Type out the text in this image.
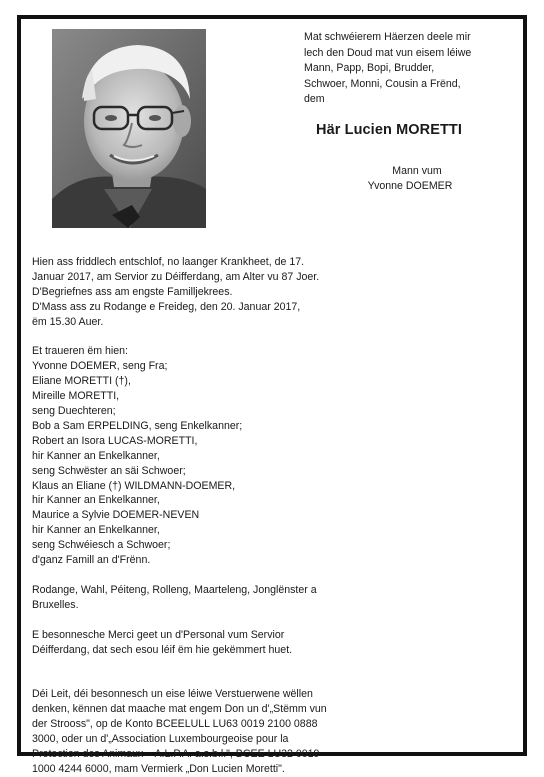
Mat schwéierem Häerzen deele mir
lech den Doud mat vun eisem léiwe
Mann, Papp, Bopi, Brudder,
Schwoer, Monni, Cousin a Frënd,
dem
Här Lucien MORETTI
Mann vum
Yvonne DOEMER

Hien ass friddlech entschlof, no laanger Krankheet, de 17.
Januar 2017, am Servior zu Déifferdang, am Alter vu 87 Joer.
D'Begriefnes ass am engste Familljekrees.
D'Mass ass zu Rodange e Freideg, den 20. Januar 2017,
ëm 15.30 Auer.

Et traueren ëm hien:
Yvonne DOEMER, seng Fra;
Eliane MORETTI (†),
Mireille MORETTI,
seng Duechteren;
Bob a Sam ERPELDING, seng Enkelkanner;
Robert an Isora LUCAS-MORETTI,
hir Kanner an Enkelkanner,
seng Schwëster an säi Schwoer;
Klaus an Eliane (†) WILDMANN-DOEMER,
hir Kanner an Enkelkanner,
Maurice a Sylvie DOEMER-NEVEN
hir Kanner an Enkelkanner,
seng Schwéiesch a Schwoer;
d'ganz Famill an d'Frënn.

Rodange, Wahl, Péiteng, Rolleng, Maarteleng, Jonglënster a
Bruxelles.

E besonnesche Merci geet un d'Personal vum Servior
Déifferdang, dat sech esou léif ëm hie gekëmmert huet.

Déi Leit, déi besonnesch un eise léiwe Verstuerwene wëllen
denken, kënnen dat maache mat engem Don un d'„Stëmm vun
der Strooss", op de Konto BCEELULL LU63 0019 2100 0888
3000, oder un d'„Association Luxembourgeoise pour la
Protection des Animaux – A.L.P.A. a.s.b.l.", BCEE LU32 0019
1000 4244 6000, mam Vermierk „Don Lucien Moretti".
